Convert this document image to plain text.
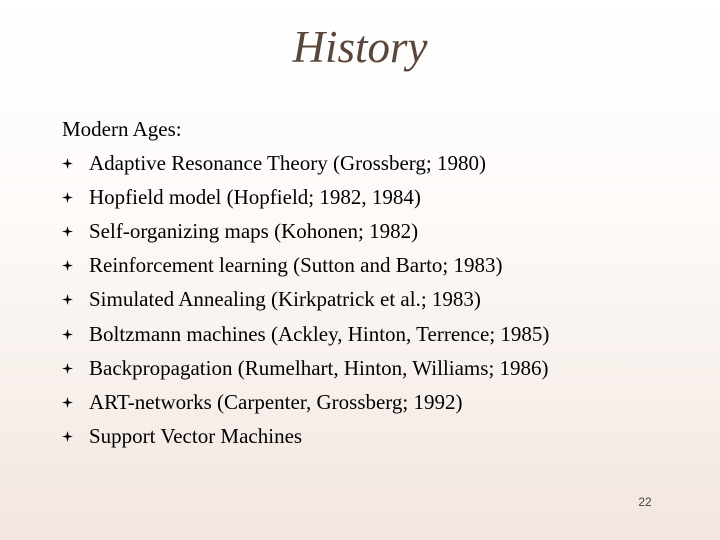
History
Modern Ages:
Adaptive Resonance Theory (Grossberg; 1980)
Hopfield model (Hopfield; 1982, 1984)
Self-organizing maps (Kohonen; 1982)
Reinforcement learning (Sutton and Barto; 1983)
Simulated Annealing (Kirkpatrick et al.; 1983)
Boltzmann machines (Ackley, Hinton, Terrence; 1985)
Backpropagation (Rumelhart, Hinton, Williams; 1986)
ART-networks (Carpenter, Grossberg; 1992)
Support Vector Machines
22
